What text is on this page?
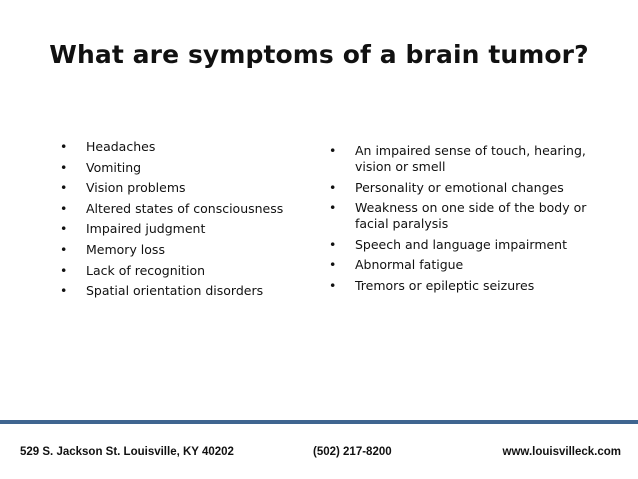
What are symptoms of a brain tumor?
• Headaches
• Vomiting
• Vision problems
• Altered states of consciousness
• Impaired judgment
• Memory loss
• Lack of recognition
• Spatial orientation disorders
• An impaired sense of touch, hearing, vision or smell
• Personality or emotional changes
• Weakness on one side of the body or facial paralysis
• Speech and language impairment
• Abnormal fatigue
• Tremors or epileptic seizures
529 S. Jackson St. Louisville, KY 40202	(502) 217-8200	www.louisvilleck.com
